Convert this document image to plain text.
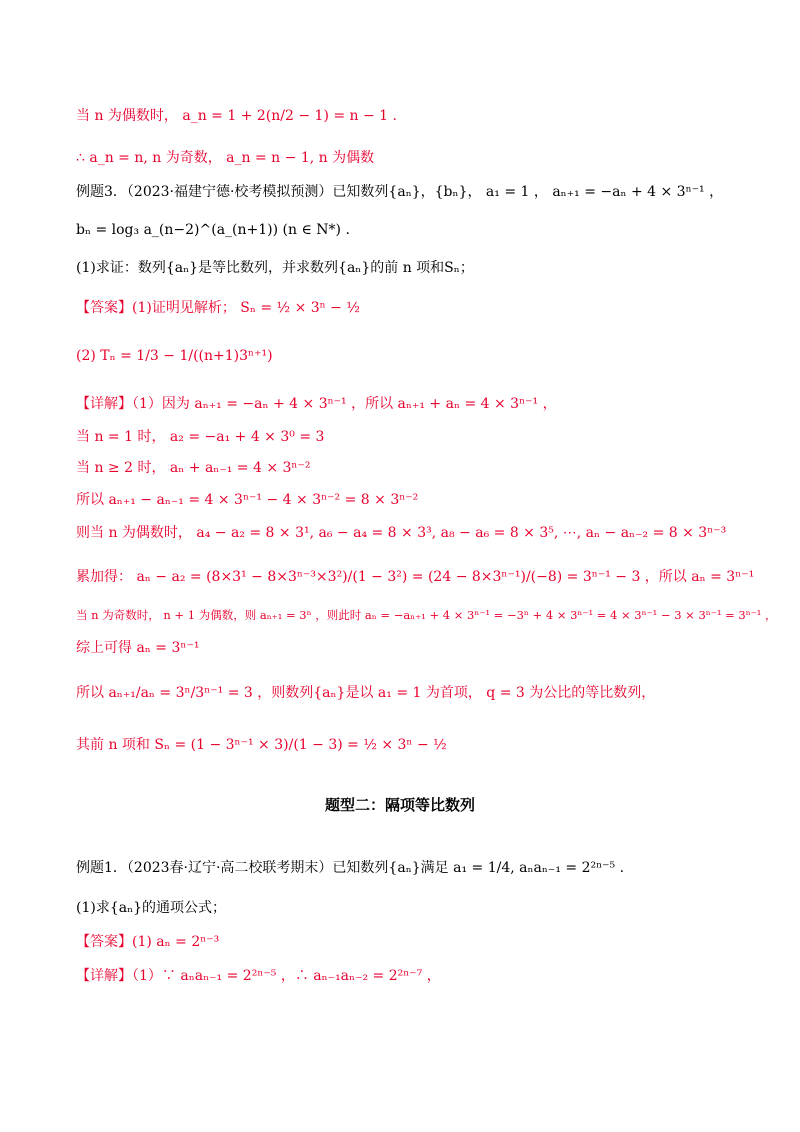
当 n 为偶数时， a_n = 1 + 2(n/2 − 1) = n − 1 .
∴ a_n = n, n 为奇数， a_n = n − 1, n 为偶数
例题3．（2023·福建宁德·校考模拟预测）已知数列{aₙ}，{bₙ}， a₁ = 1 ， aₙ₊₁ = −aₙ + 4 × 3ⁿ⁻¹ ，
bₙ = log₃ a_(n−2)^(a_(n+1)) (n ∈ N*) .
(1)求证：数列{aₙ}是等比数列，并求数列{aₙ}的前 n 项和Sₙ；
【答案】(1)证明见解析； Sₙ = ½ × 3ⁿ − ½
(2) Tₙ = 1/3 − 1/((n+1)3ⁿ⁺¹)
【详解】（1）因为 aₙ₊₁ = −aₙ + 4 × 3ⁿ⁻¹ ，所以 aₙ₊₁ + aₙ = 4 × 3ⁿ⁻¹ ，
当 n = 1 时， a₂ = −a₁ + 4 × 3⁰ = 3
当 n ≥ 2 时， aₙ + aₙ₋₁ = 4 × 3ⁿ⁻²
所以 aₙ₊₁ − aₙ₋₁ = 4 × 3ⁿ⁻¹ − 4 × 3ⁿ⁻² = 8 × 3ⁿ⁻²
则当 n 为偶数时， a₄ − a₂ = 8 × 3¹, a₆ − a₄ = 8 × 3³, a₈ − a₆ = 8 × 3⁵, ⋯, aₙ − aₙ₋₂ = 8 × 3ⁿ⁻³
累加得： aₙ − a₂ = (8×3¹ − 8×3ⁿ⁻³×3²)/(1 − 3²) = (24 − 8×3ⁿ⁻¹)/(−8) = 3ⁿ⁻¹ − 3 ，所以 aₙ = 3ⁿ⁻¹
当 n 为奇数时， n + 1 为偶数，则 aₙ₊₁ = 3ⁿ ，则此时 aₙ = −aₙ₊₁ + 4 × 3ⁿ⁻¹ = −3ⁿ + 4 × 3ⁿ⁻¹ = 4 × 3ⁿ⁻¹ − 3 × 3ⁿ⁻¹ = 3ⁿ⁻¹ ，
综上可得 aₙ = 3ⁿ⁻¹
所以 aₙ₊₁/aₙ = 3ⁿ/3ⁿ⁻¹ = 3 ，则数列{aₙ}是以 a₁ = 1 为首项， q = 3 为公比的等比数列，
其前 n 项和 Sₙ = (1 − 3ⁿ⁻¹ × 3)/(1 − 3) = ½ × 3ⁿ − ½
题型二：隔项等比数列
例题1．（2023春·辽宁·高二校联考期末）已知数列{aₙ}满足 a₁ = 1/4, aₙaₙ₋₁ = 2²ⁿ⁻⁵ .
(1)求{aₙ}的通项公式；
【答案】(1) aₙ = 2ⁿ⁻³
【详解】（1）∵ aₙaₙ₋₁ = 2²ⁿ⁻⁵ ，∴ aₙ₋₁aₙ₋₂ = 2²ⁿ⁻⁷ ，
